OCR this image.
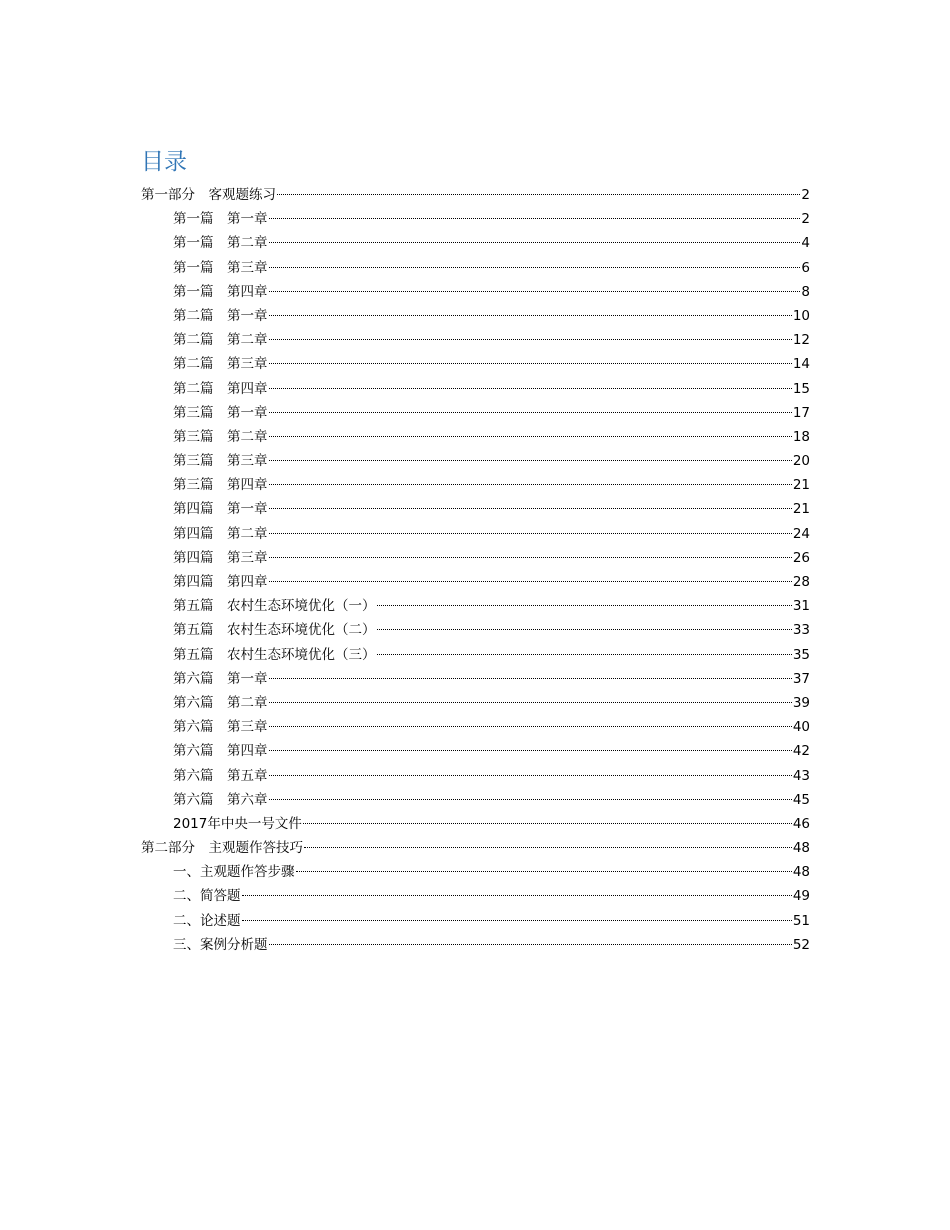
目录
第一部分　客观题练习	2
第一篇　第一章	2
第一篇　第二章	4
第一篇　第三章	6
第一篇　第四章	8
第二篇　第一章	10
第二篇　第二章	12
第二篇　第三章	14
第二篇　第四章	15
第三篇　第一章	17
第三篇　第二章	18
第三篇　第三章	20
第三篇　第四章	21
第四篇　第一章	21
第四篇　第二章	24
第四篇　第三章	26
第四篇　第四章	28
第五篇　农村生态环境优化（一）	31
第五篇　农村生态环境优化（二）	33
第五篇　农村生态环境优化（三）	35
第六篇　第一章	37
第六篇　第二章	39
第六篇　第三章	40
第六篇　第四章	42
第六篇　第五章	43
第六篇　第六章	45
2017年中央一号文件	46
第二部分　主观题作答技巧	48
一、主观题作答步骤	48
二、简答题	49
二、论述题	51
三、案例分析题	52
